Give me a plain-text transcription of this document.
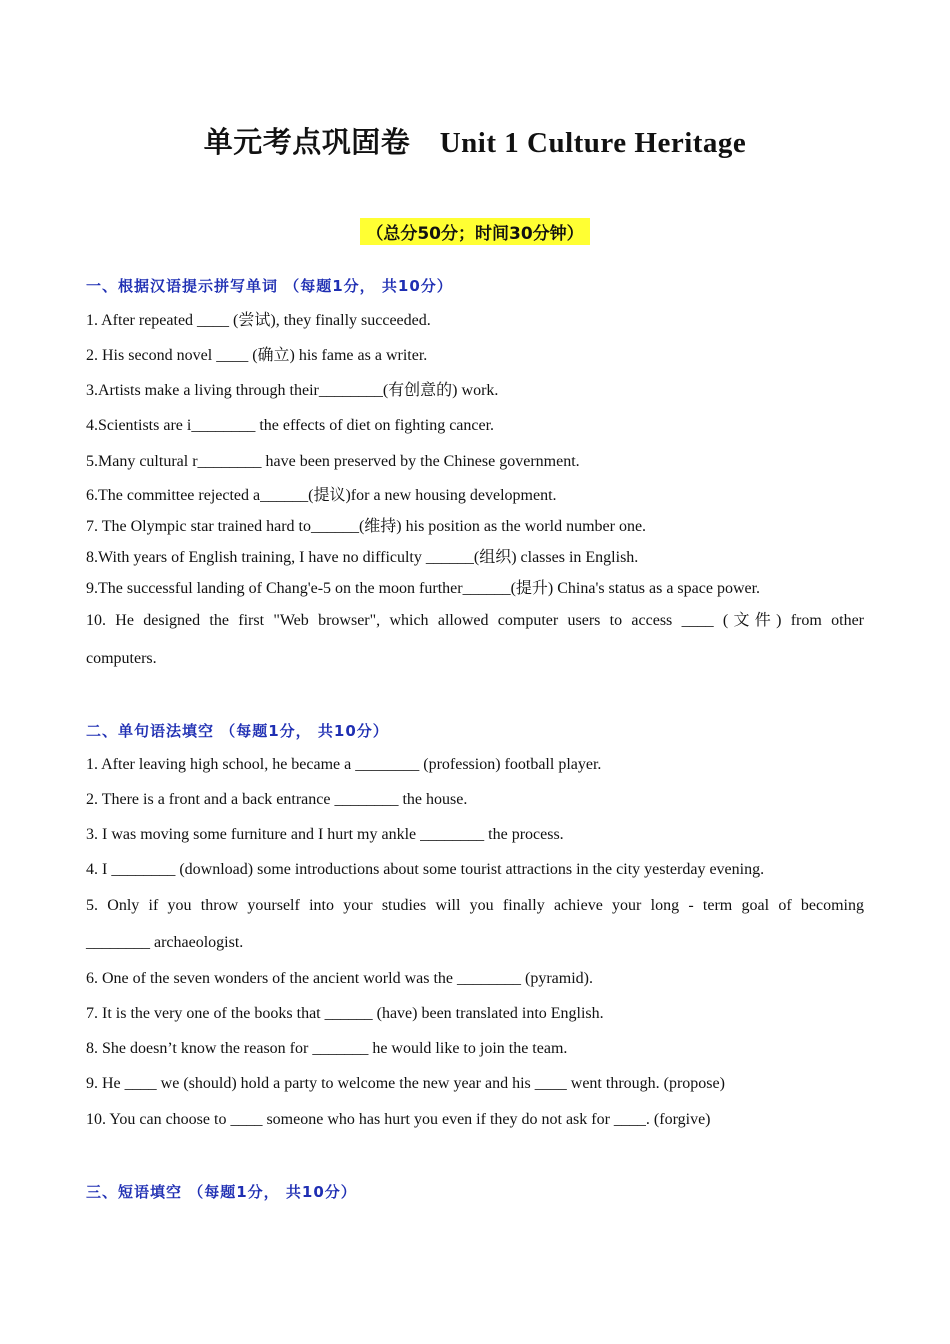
单元考点巩固卷　Unit 1 Culture Heritage
（总分50分；时间30分钟）
一、根据汉语提示拼写单词 （每题1分， 共10分）
1. After repeated ____ (尝试), they finally succeeded.
2. His second novel ____ (确立) his fame as a writer.
3.Artists make a living through their________(有创意的) work.
4.Scientists are i________ the effects of diet on fighting cancer.
5.Many cultural r________ have been preserved by the Chinese government.
6.The committee rejected a______(提议)for a new housing development.
7. The Olympic star trained hard to______(维持) his position as the world number one.
8.With years of English training, I have no difficulty ______(组织) classes in English.
9.The successful landing of Chang'e-5 on the moon further______(提升) China's status as a space power.
10. He designed the first "Web browser", which allowed computer users to access ____ (文件) from other
computers.
二、单句语法填空 （每题1分， 共10分）
1. After leaving high school, he became a ________ (profession) football player.
2. There is a front and a back entrance ________ the house.
3. I was moving some furniture and I hurt my ankle ________ the process.
4. I ________ (download) some introductions about some tourist attractions in the city yesterday evening.
5. Only if you throw yourself into your studies will you finally achieve your long - term goal of becoming
________ archaeologist.
6. One of the seven wonders of the ancient world was the ________ (pyramid).
7. It is the very one of the books that ______ (have) been translated into English.
8. She doesn’t know the reason for _______ he would like to join the team.
9. He ____ we (should) hold a party to welcome the new year and his ____ went through. (propose)
10. You can choose to ____ someone who has hurt you even if they do not ask for ____. (forgive)
三、短语填空 （每题1分， 共10分）
